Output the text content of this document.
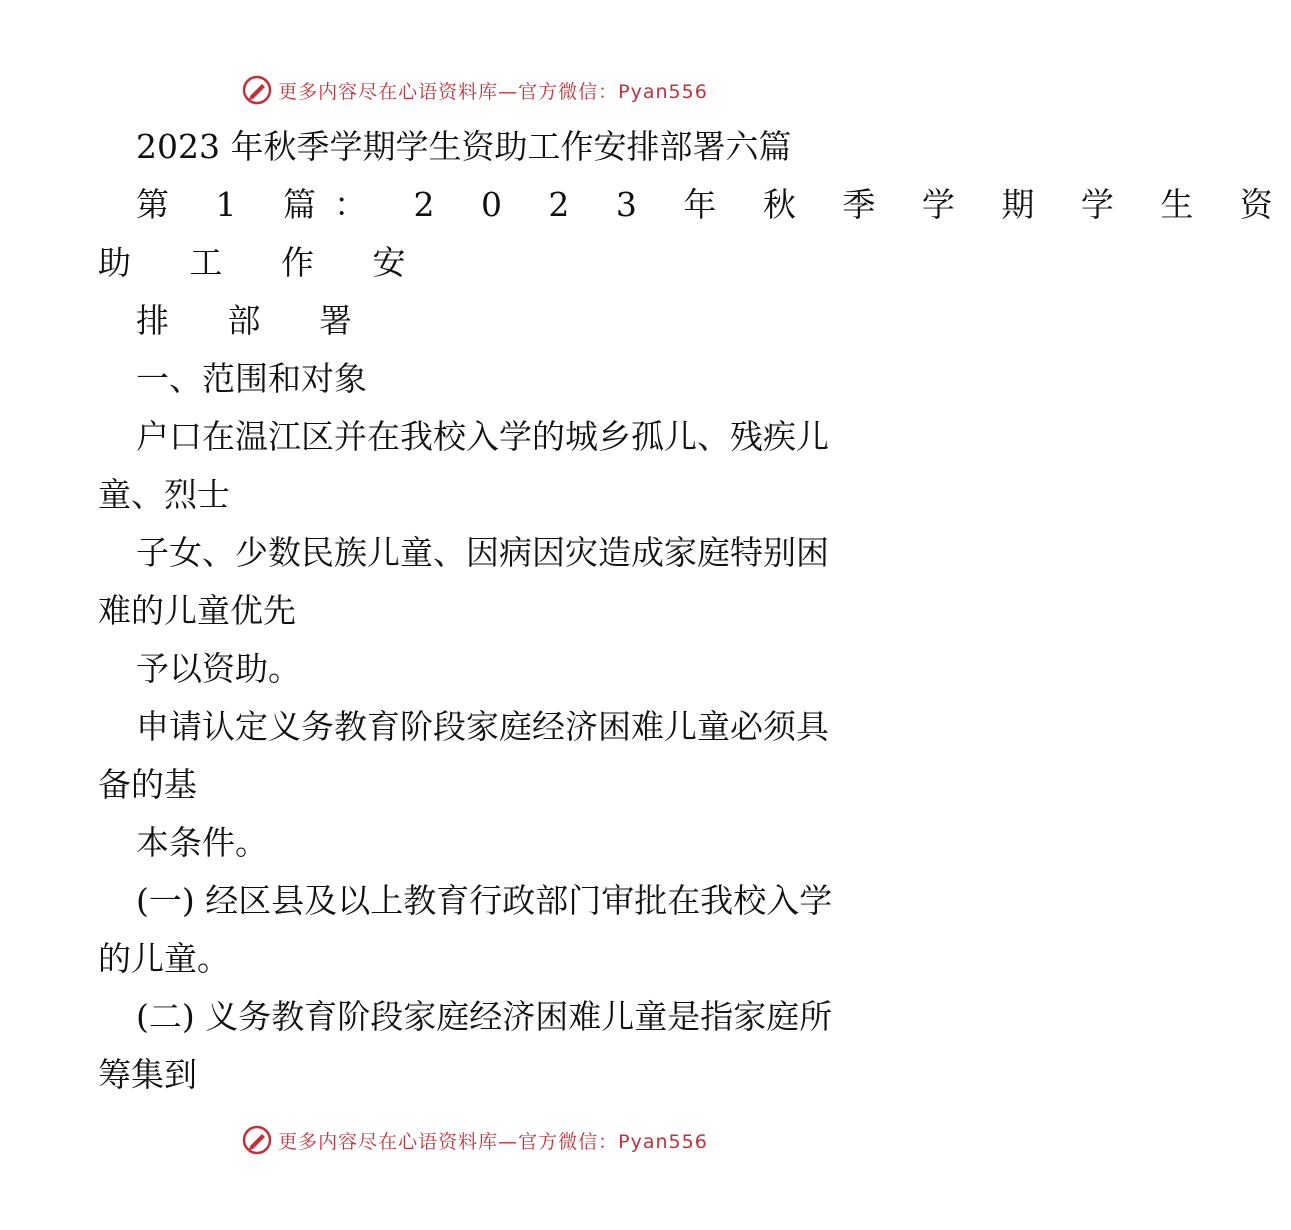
更多内容尽在心语资料库—官方微信：Pyan556
2023 年秋季学期学生资助工作安排部署六篇
第 1 篇： 2 0 2 3 年 秋 季 学 期 学 生 资
助 工 作 安
排 部 署
一、范围和对象
户口在温江区并在我校入学的城乡孤儿、残疾儿
童、烈士
子女、少数民族儿童、因病因灾造成家庭特别困
难的儿童优先
予以资助。
申请认定义务教育阶段家庭经济困难儿童必须具
备的基
本条件。
(一) 经区县及以上教育行政部门审批在我校入学
的儿童。
(二) 义务教育阶段家庭经济困难儿童是指家庭所
筹集到
更多内容尽在心语资料库—官方微信：Pyan556
